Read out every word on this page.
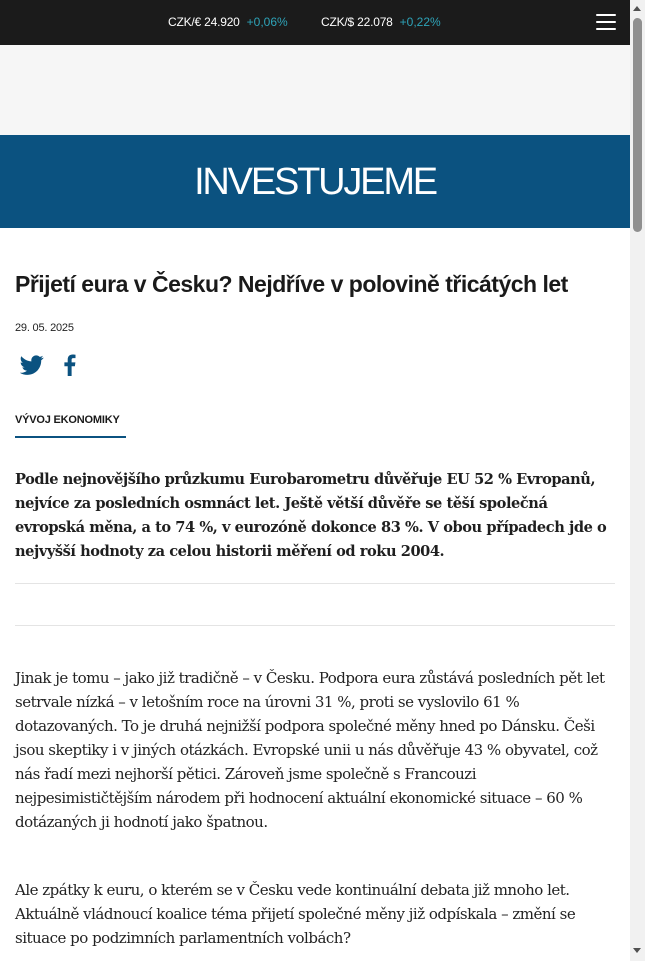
CZK/€ 24.920 +0,06%	CZK/$ 22.078 +0,22%
INVESTUJEME
Přijetí eura v Česku? Nejdříve v polovině třicátých let
29. 05. 2025
VÝVOJ EKONOMIKY

Podle nejnovějšího průzkumu Eurobarometru důvěřuje EU 52 % Evropanů, nejvíce za posledních osmnáct let. Ještě větší důvěře se těší společná evropská měna, a to 74 %, v eurozóně dokonce 83 %. V obou případech jde o nejvyšší hodnoty za celou historii měření od roku 2004.

Jinak je tomu – jako již tradičně – v Česku. Podpora eura zůstává posledních pět let setrvale nízká – v letošním roce na úrovni 31 %, proti se vyslovilo 61 % dotazovaných. To je druhá nejnižší podpora společné měny hned po Dánsku. Češi jsou skeptiky i v jiných otázkách. Evropské unii u nás důvěřuje 43 % obyvatel, což nás řadí mezi nejhorší pětici. Zároveň jsme společně s Francouzi nejpesimističtějším národem při hodnocení aktuální ekonomické situace – 60 % dotázaných ji hodnotí jako špatnou.

Ale zpátky k euru, o kterém se v Česku vede kontinuální debata již mnoho let. Aktuálně vládnoucí koalice téma přijetí společné měny již odpískala – změní se situace po podzimních parlamentních volbách?
